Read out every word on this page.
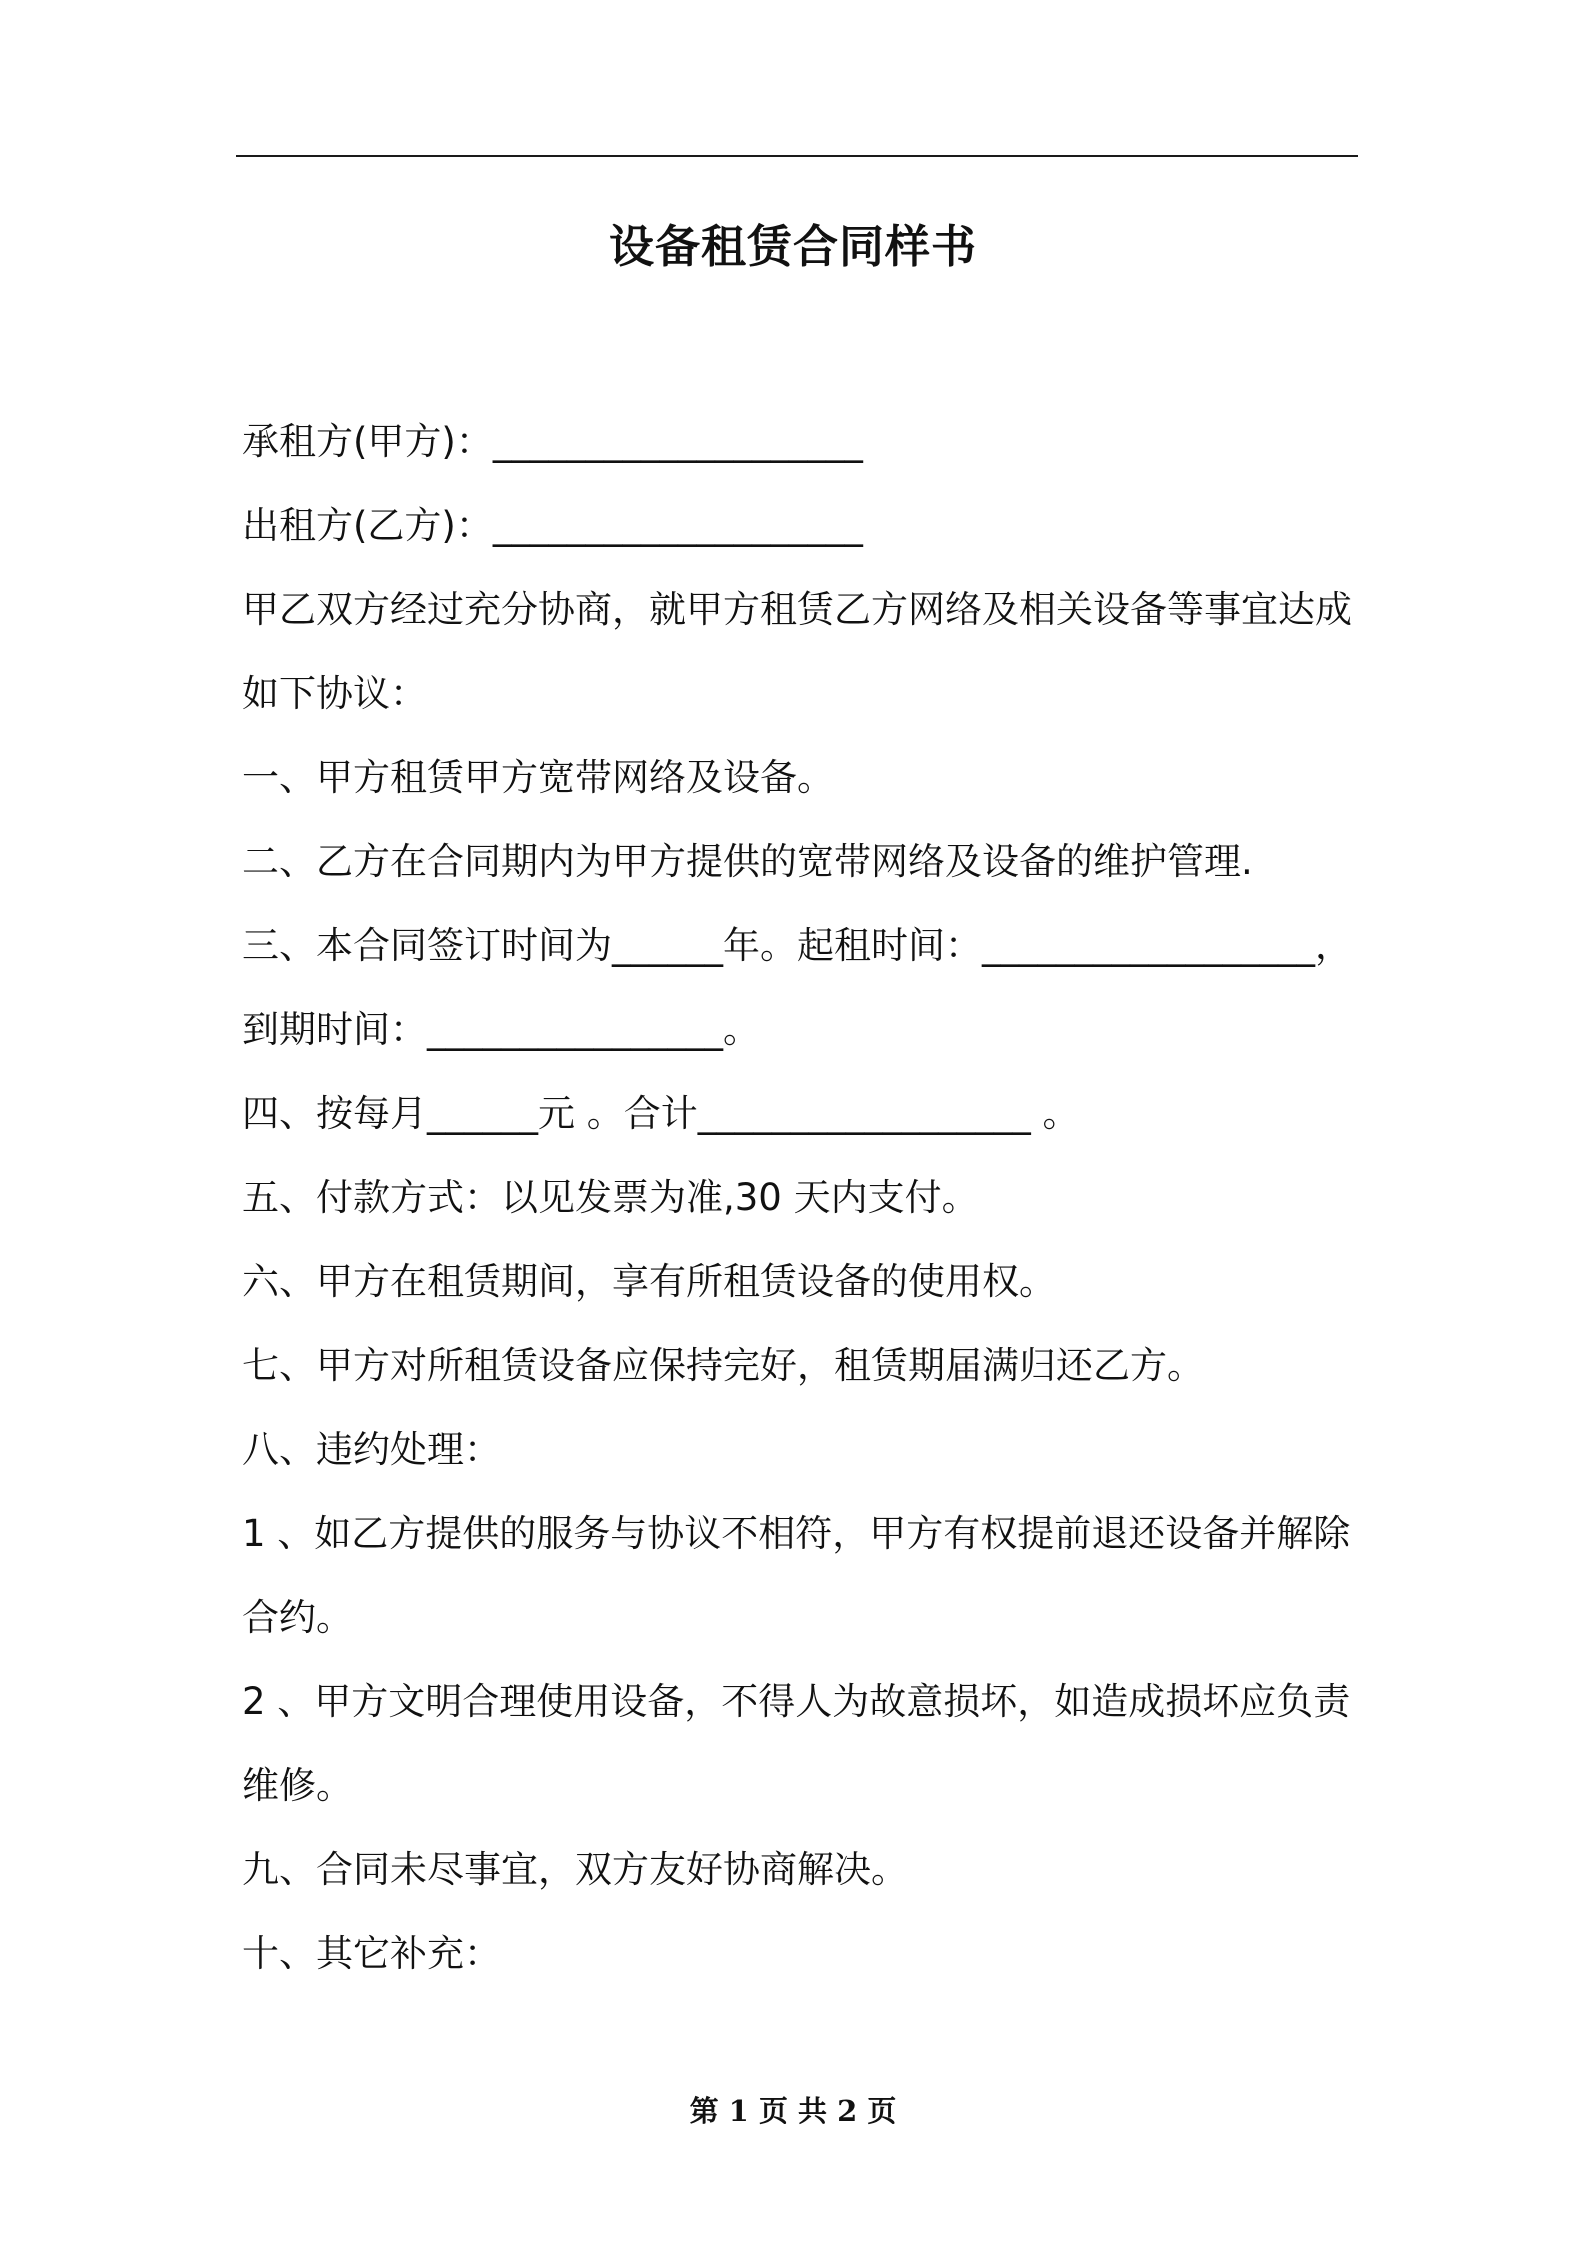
设备租赁合同样书
承租方(甲方)：____________________
出租方(乙方)：____________________
甲乙双方经过充分协商，就甲方租赁乙方网络及相关设备等事宜达成
如下协议：
一、甲方租赁甲方宽带网络及设备。
二、乙方在合同期内为甲方提供的宽带网络及设备的维护管理.
三、本合同签订时间为______年。起租时间：__________________，
到期时间：________________。
四、按每月______元 。合计__________________ 。
五、付款方式：以见发票为准,30 天内支付。
六、甲方在租赁期间，享有所租赁设备的使用权。
七、甲方对所租赁设备应保持完好，租赁期届满归还乙方。
八、违约处理：
1 、如乙方提供的服务与协议不相符，甲方有权提前退还设备并解除
合约。
2 、甲方文明合理使用设备，不得人为故意损坏，如造成损坏应负责
维修。
九、合同未尽事宜，双方友好协商解决。
十、其它补充：
第 1 页 共 2 页
